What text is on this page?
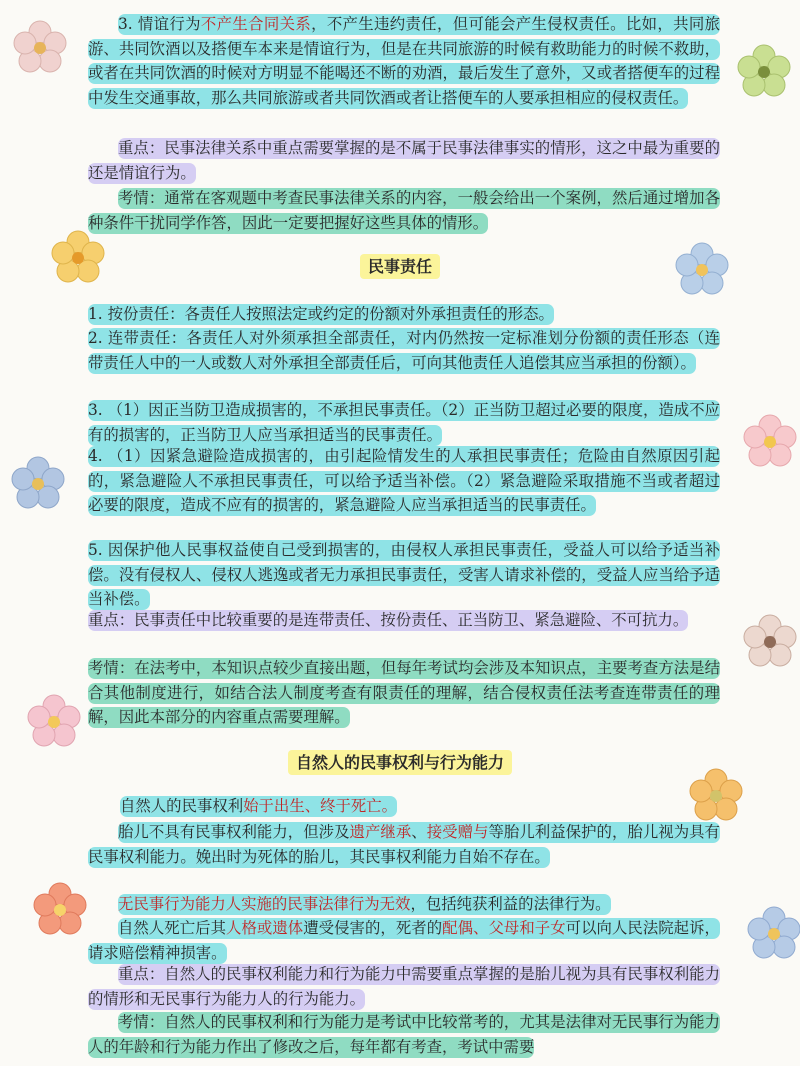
3. 情谊行为不产生合同关系，不产生违约责任，但可能会产生侵权责任。比如，共同旅游、共同饮酒以及搭便车本来是情谊行为，但是在共同旅游的时候有救助能力的时候不救助，或者在共同饮酒的时候对方明显不能喝还不断的劝酒，最后发生了意外，又或者搭便车的过程中发生交通事故，那么共同旅游或者共同饮酒或者让搭便车的人要承担相应的侵权责任。

重点：民事法律关系中重点需要掌握的是不属于民事法律事实的情形，这之中最为重要的还是情谊行为。

考情：通常在客观题中考查民事法律关系的内容，一般会给出一个案例，然后通过增加各种条件干扰同学作答，因此一定要把握好这些具体的情形。

民事责任

1. 按份责任：各责任人按照法定或约定的份额对外承担责任的形态。

2. 连带责任：各责任人对外须承担全部责任，对内仍然按一定标准划分份额的责任形态（连带责任人中的一人或数人对外承担全部责任后，可向其他责任人追偿其应当承担的份额）。

3. （1）因正当防卫造成损害的，不承担民事责任。（2）正当防卫超过必要的限度，造成不应有的损害的，正当防卫人应当承担适当的民事责任。

4. （1）因紧急避险造成损害的，由引起险情发生的人承担民事责任；危险由自然原因引起的，紧急避险人不承担民事责任，可以给予适当补偿。（2）紧急避险采取措施不当或者超过必要的限度，造成不应有的损害的，紧急避险人应当承担适当的民事责任。

5. 因保护他人民事权益使自己受到损害的，由侵权人承担民事责任，受益人可以给予适当补偿。没有侵权人、侵权人逃逸或者无力承担民事责任，受害人请求补偿的，受益人应当给予适当补偿。

重点：民事责任中比较重要的是连带责任、按份责任、正当防卫、紧急避险、不可抗力。

考情：在法考中，本知识点较少直接出题，但每年考试均会涉及本知识点，主要考查方法是结合其他制度进行，如结合法人制度考查有限责任的理解，结合侵权责任法考查连带责任的理解，因此本部分的内容重点需要理解。

自然人的民事权利与行为能力

自然人的民事权利始于出生、终于死亡。

胎儿不具有民事权利能力，但涉及遗产继承、接受赠与等胎儿利益保护的，胎儿视为具有民事权利能力。娩出时为死体的胎儿，其民事权利能力自始不存在。

无民事行为能力人实施的民事法律行为无效，包括纯获利益的法律行为。

自然人死亡后其人格或遗体遭受侵害的，死者的配偶、父母和子女可以向人民法院起诉，请求赔偿精神损害。

重点：自然人的民事权利能力和行为能力中需要重点掌握的是胎儿视为具有民事权利能力的情形和无民事行为能力人的行为能力。

考情：自然人的民事权利和行为能力是考试中比较常考的，尤其是法律对无民事行为能力人的年龄和行为能力作出了修改之后，每年都有考查，考试中需要
